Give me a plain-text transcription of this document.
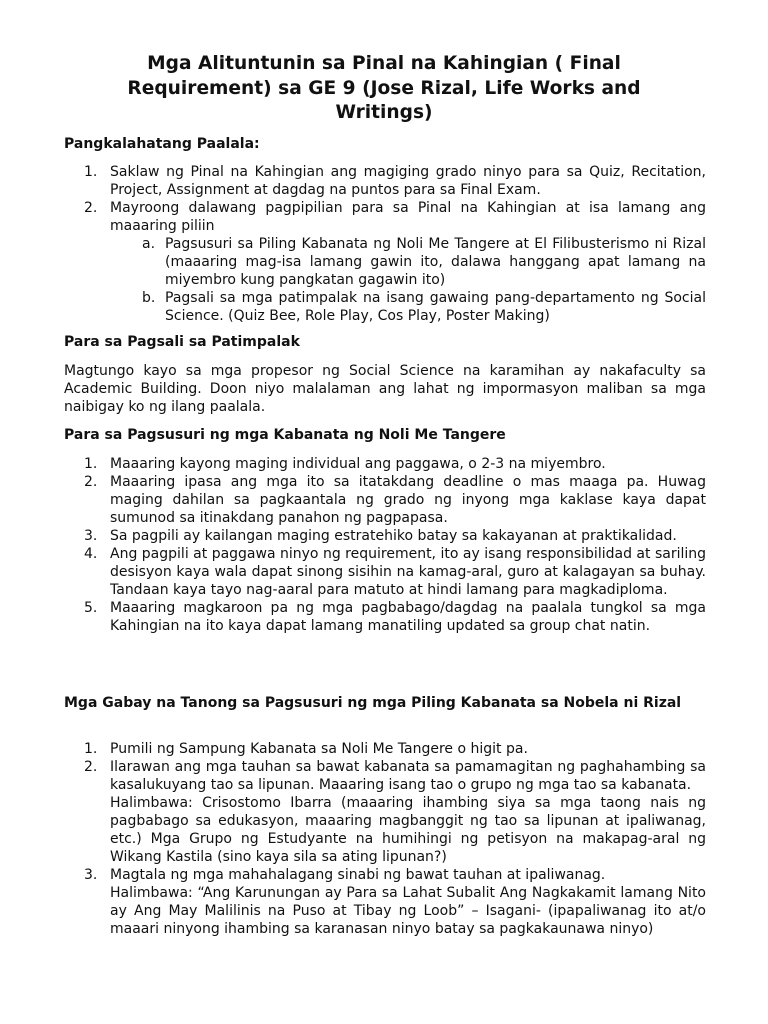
Mga Alituntunin sa Pinal na Kahingian ( Final Requirement) sa GE 9 (Jose Rizal, Life Works and Writings)
Pangkalahatang Paalala:
1. Saklaw ng Pinal na Kahingian ang magiging grado ninyo para sa Quiz, Recitation, Project, Assignment at dagdag na puntos para sa Final Exam.
2. Mayroong dalawang pagpipilian para sa Pinal na Kahingian at isa lamang ang maaaring piliin
a. Pagsusuri sa Piling Kabanata ng Noli Me Tangere at El Filibusterismo ni Rizal (maaaring mag-isa lamang gawin ito, dalawa hanggang apat lamang na miyembro kung pangkatan gagawin ito)
b. Pagsali sa mga patimpalak na isang gawaing pang-departamento ng Social Science. (Quiz Bee, Role Play, Cos Play, Poster Making)
Para sa Pagsali sa Patimpalak

Magtungo kayo sa mga propesor ng Social Science na karamihan ay nakafaculty sa Academic Building. Doon niyo malalaman ang lahat ng impormasyon maliban sa mga naibigay ko ng ilang paalala.

Para sa Pagsusuri ng mga Kabanata ng Noli Me Tangere
1. Maaaring kayong maging individual ang paggawa, o 2-3 na miyembro.
2. Maaaring ipasa ang mga ito sa itatakdang deadline o mas maaga pa. Huwag maging dahilan sa pagkaantala ng grado ng inyong mga kaklase kaya dapat sumunod sa itinakdang panahon ng pagpapasa.
3. Sa pagpili ay kailangan maging estratehiko batay sa kakayanan at praktikalidad.
4. Ang pagpili at paggawa ninyo ng requirement, ito ay isang responsibilidad at sariling desisyon kaya wala dapat sinong sisihin na kamag-aral, guro at kalagayan sa buhay. Tandaan kaya tayo nag-aaral para matuto at hindi lamang para magkadiploma.
5. Maaaring magkaroon pa ng mga pagbabago/dagdag na paalala tungkol sa mga Kahingian na ito kaya dapat lamang manatiling updated sa group chat natin.
Mga Gabay na Tanong sa Pagsusuri ng mga Piling Kabanata sa Nobela ni Rizal
1. Pumili ng Sampung Kabanata sa Noli Me Tangere o higit pa.
2. Ilarawan ang mga tauhan sa bawat kabanata sa pamamagitan ng paghahambing sa kasalukuyang tao sa lipunan. Maaaring isang tao o grupo ng mga tao sa kabanata.
Halimbawa: Crisostomo Ibarra (maaaring ihambing siya sa mga taong nais ng pagbabago sa edukasyon, maaaring magbanggit ng tao sa lipunan at ipaliwanag, etc.) Mga Grupo ng Estudyante na humihingi ng petisyon na makapag-aral ng Wikang Kastila (sino kaya sila sa ating lipunan?)
3. Magtala ng mga mahahalagang sinabi ng bawat tauhan at ipaliwanag.
Halimbawa: “Ang Karunungan ay Para sa Lahat Subalit Ang Nagkakamit lamang Nito ay Ang May Malilinis na Puso at Tibay ng Loob” – Isagani- (ipapaliwanag ito at/o maaari ninyong ihambing sa karanasan ninyo batay sa pagkakaunawa ninyo)
